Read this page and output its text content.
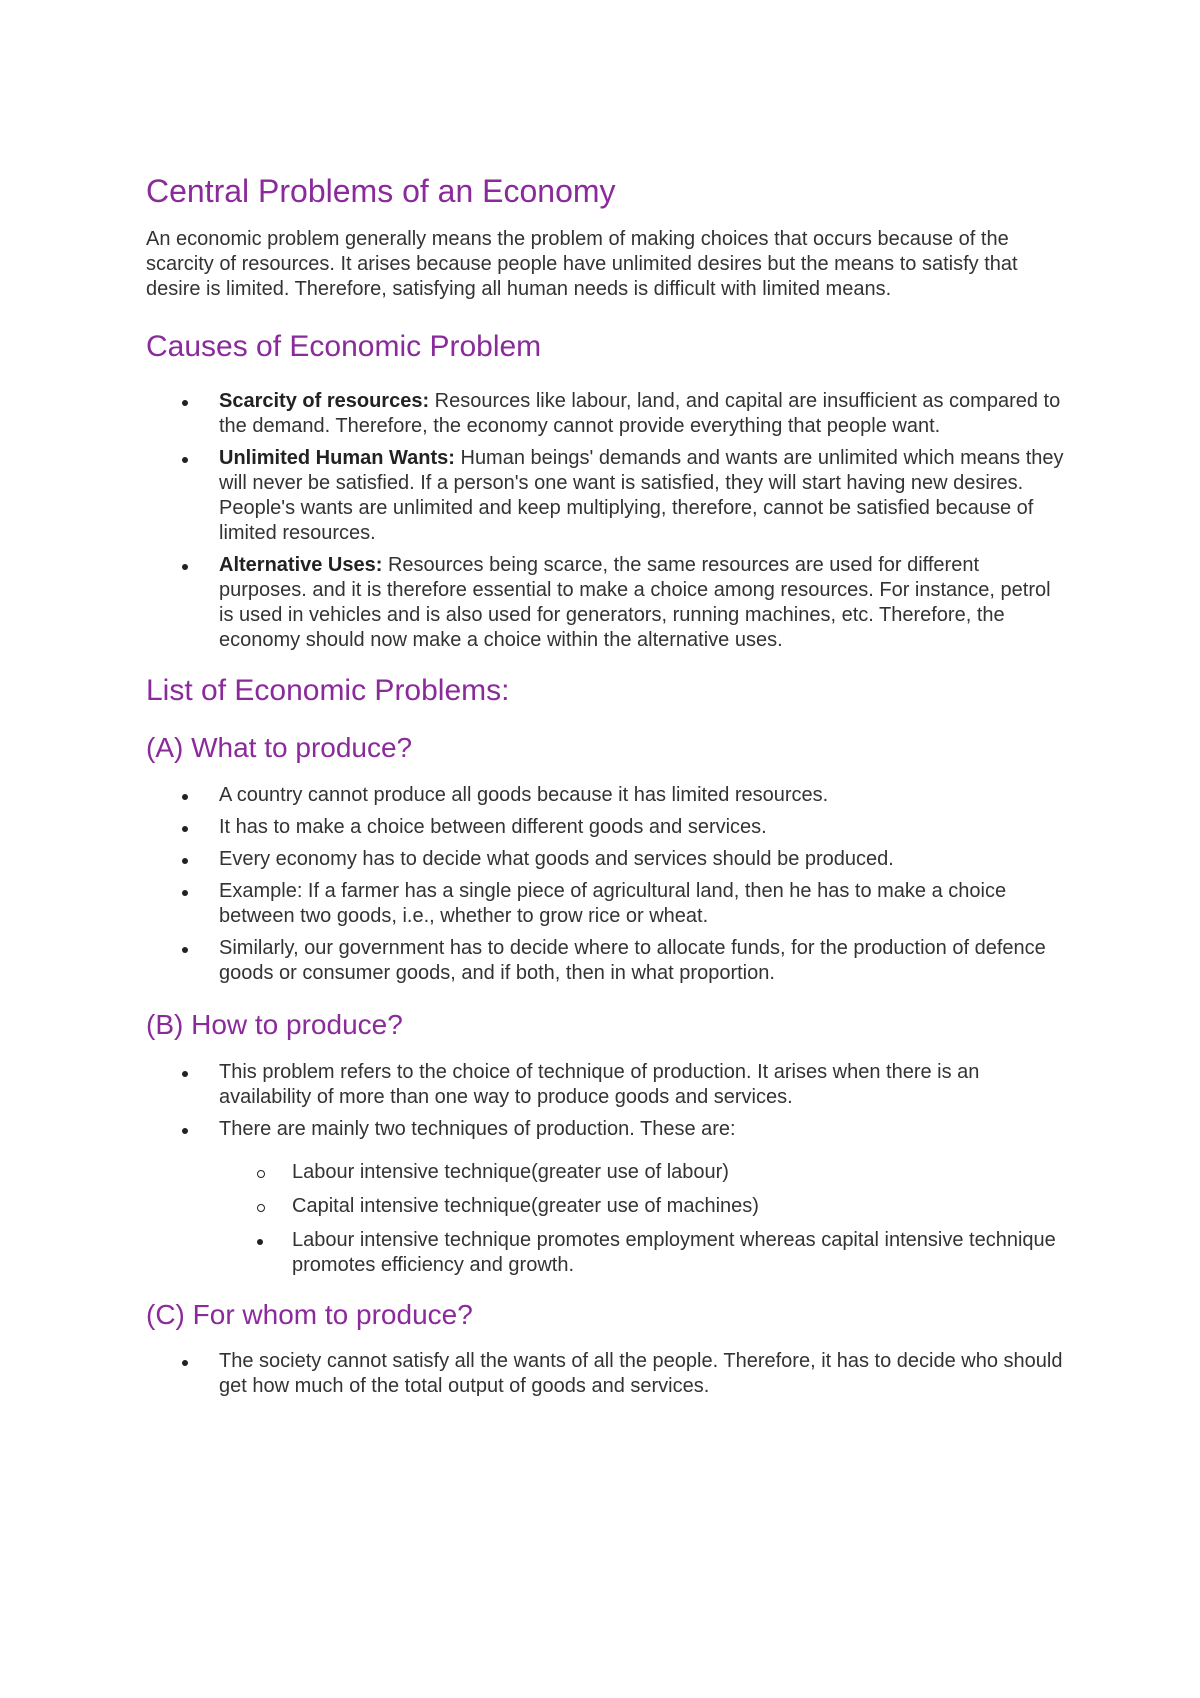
Central Problems of an Economy

An economic problem generally means the problem of making choices that occurs because of the scarcity of resources. It arises because people have unlimited desires but the means to satisfy that desire is limited. Therefore, satisfying all human needs is difficult with limited means.

Causes of Economic Problem
Scarcity of resources: Resources like labour, land, and capital are insufficient as compared to the demand. Therefore, the economy cannot provide everything that people want.
Unlimited Human Wants: Human beings' demands and wants are unlimited which means they will never be satisfied. If a person's one want is satisfied, they will start having new desires. People's wants are unlimited and keep multiplying, therefore, cannot be satisfied because of limited resources.
Alternative Uses: Resources being scarce, the same resources are used for different purposes. and it is therefore essential to make a choice among resources. For instance, petrol is used in vehicles and is also used for generators, running machines, etc. Therefore, the economy should now make a choice within the alternative uses.
List of Economic Problems:
(A) What to produce?
A country cannot produce all goods because it has limited resources.
It has to make a choice between different goods and services.
Every economy has to decide what goods and services should be produced.
Example: If a farmer has a single piece of agricultural land, then he has to make a choice between two goods, i.e., whether to grow rice or wheat.
Similarly, our government has to decide where to allocate funds, for the production of defence goods or consumer goods, and if both, then in what proportion.
(B) How to produce?
This problem refers to the choice of technique of production. It arises when there is an availability of more than one way to produce goods and services.
There are mainly two techniques of production. These are:
Labour intensive technique(greater use of labour)
Capital intensive technique(greater use of machines)
Labour intensive technique promotes employment whereas capital intensive technique promotes efficiency and growth.
(C) For whom to produce?
The society cannot satisfy all the wants of all the people. Therefore, it has to decide who should get how much of the total output of goods and services.
